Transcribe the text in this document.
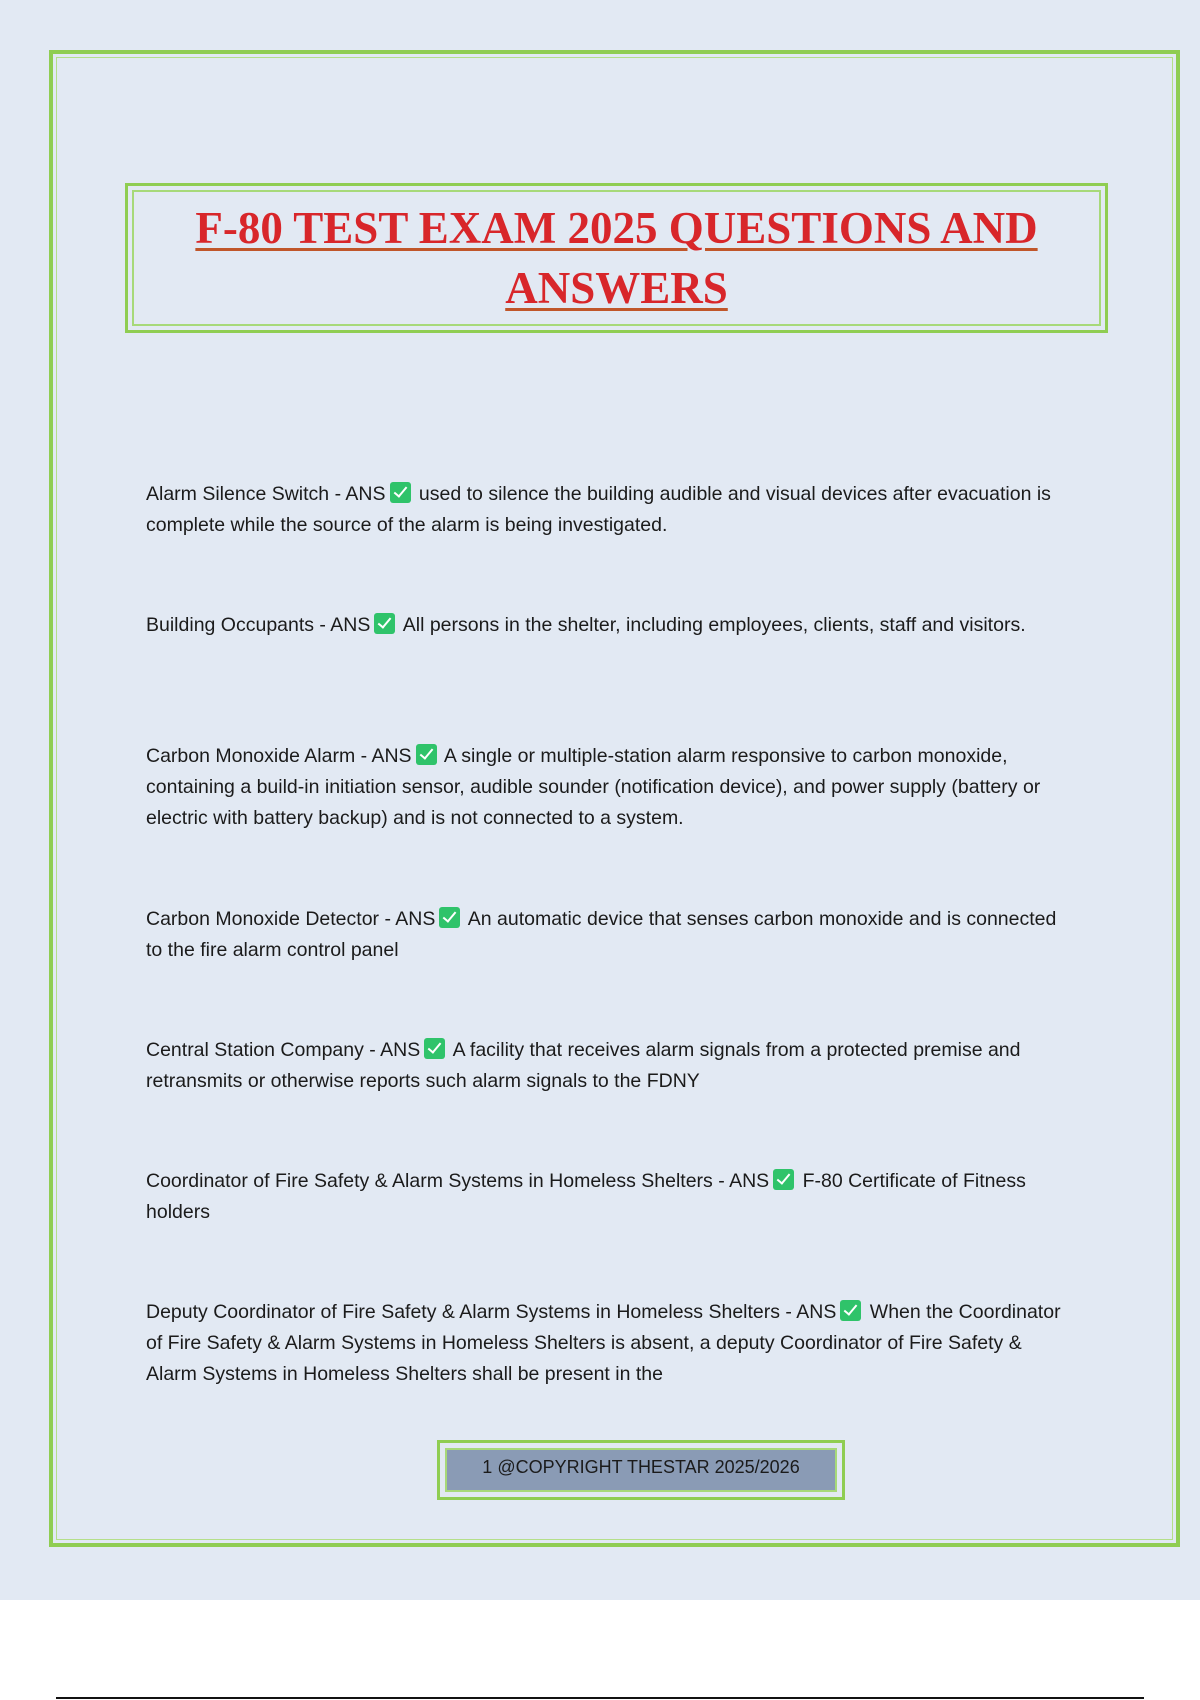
F-80 TEST EXAM 2025 QUESTIONS AND
ANSWERS
Alarm Silence Switch - ANS used to silence the building audible and visual devices after evacuation is complete while the source of the alarm is being investigated.
Building Occupants - ANS All persons in the shelter, including employees, clients, staff and visitors.
Carbon Monoxide Alarm - ANS A single or multiple-station alarm responsive to carbon monoxide, containing a build-in initiation sensor, audible sounder (notification device), and power supply (battery or electric with battery backup) and is not connected to a system.
Carbon Monoxide Detector - ANS An automatic device that senses carbon monoxide and is connected to the fire alarm control panel
Central Station Company - ANS A facility that receives alarm signals from a protected premise and retransmits or otherwise reports such alarm signals to the FDNY
Coordinator of Fire Safety & Alarm Systems in Homeless Shelters - ANS F-80 Certificate of Fitness holders
Deputy Coordinator of Fire Safety & Alarm Systems in Homeless Shelters - ANS When the Coordinator of Fire Safety & Alarm Systems in Homeless Shelters is absent, a deputy Coordinator of Fire Safety & Alarm Systems in Homeless Shelters shall be present in the
1 @COPYRIGHT THESTAR 2025/2026
